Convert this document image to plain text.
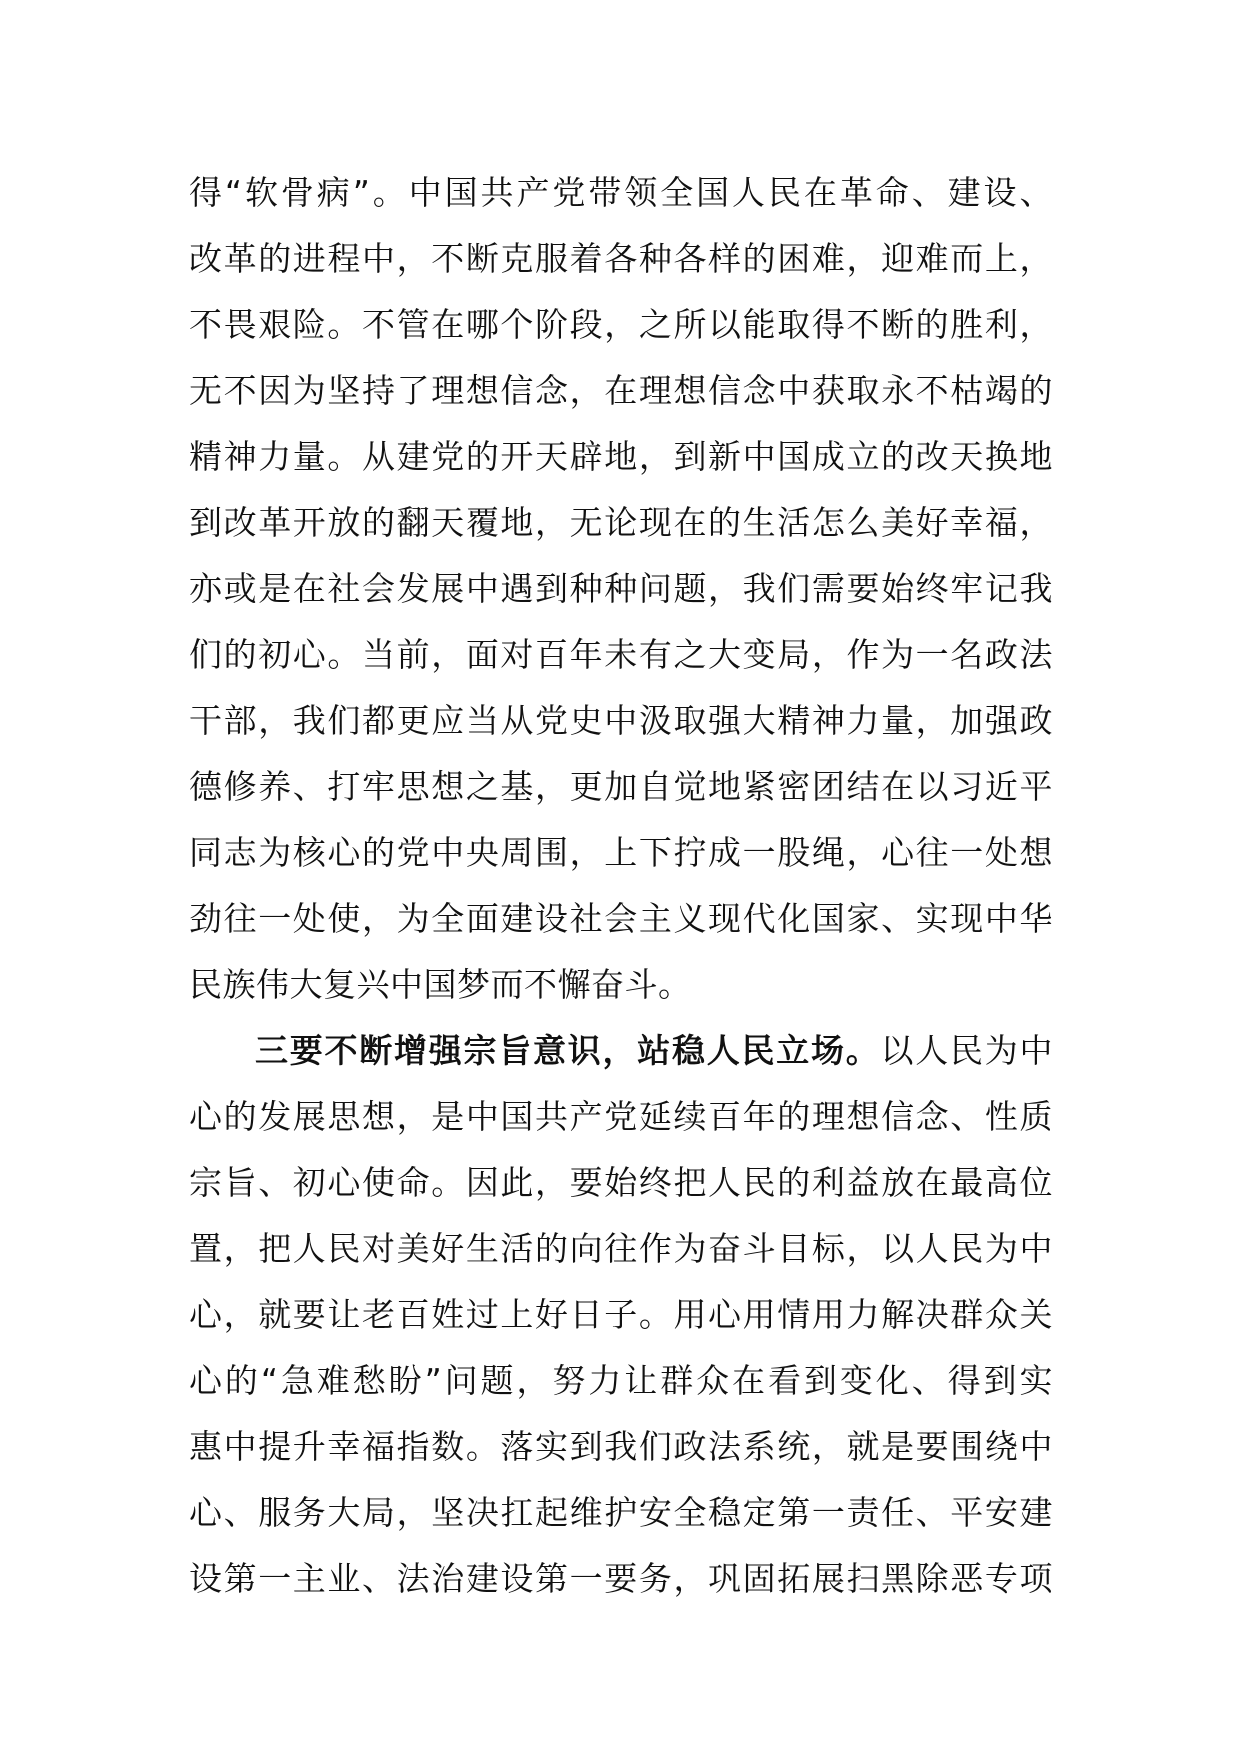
得“软骨病”。中国共产党带领全国人民在革命、建设、
改革的进程中，不断克服着各种各样的困难，迎难而上，
不畏艰险。不管在哪个阶段，之所以能取得不断的胜利，
无不因为坚持了理想信念，在理想信念中获取永不枯竭的
精神力量。从建党的开天辟地，到新中国成立的改天换地
到改革开放的翻天覆地，无论现在的生活怎么美好幸福，
亦或是在社会发展中遇到种种问题，我们需要始终牢记我
们的初心。当前，面对百年未有之大变局，作为一名政法
干部，我们都更应当从党史中汲取强大精神力量，加强政
德修养、打牢思想之基，更加自觉地紧密团结在以习近平
同志为核心的党中央周围，上下拧成一股绳，心往一处想
劲往一处使，为全面建设社会主义现代化国家、实现中华
民族伟大复兴中国梦而不懈奋斗。
三要不断增强宗旨意识，站稳人民立场。以人民为中
心的发展思想，是中国共产党延续百年的理想信念、性质
宗旨、初心使命。因此，要始终把人民的利益放在最高位
置，把人民对美好生活的向往作为奋斗目标，以人民为中
心，就要让老百姓过上好日子。用心用情用力解决群众关
心的“急难愁盼”问题，努力让群众在看到变化、得到实
惠中提升幸福指数。落实到我们政法系统，就是要围绕中
心、服务大局，坚决扛起维护安全稳定第一责任、平安建
设第一主业、法治建设第一要务，巩固拓展扫黑除恶专项
